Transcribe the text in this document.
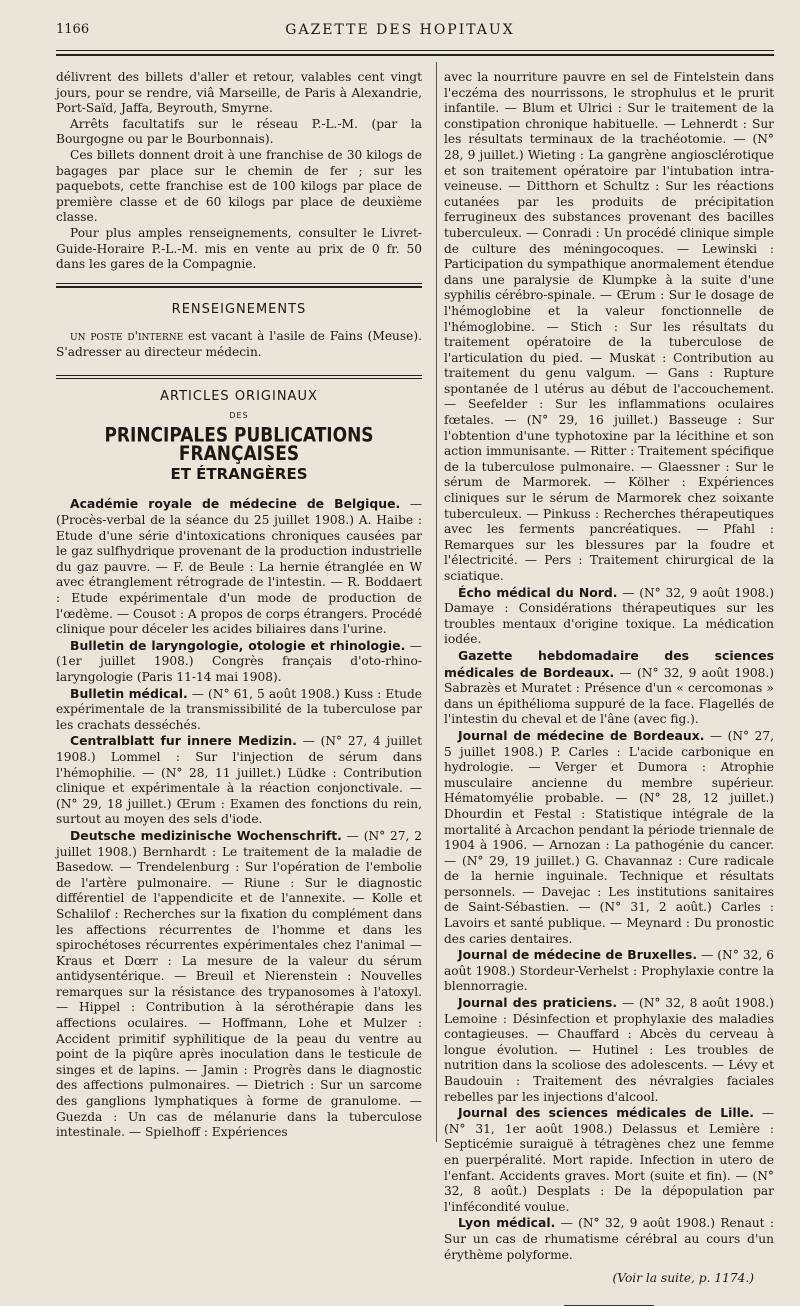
1166	GAZETTE DES HOPITAUX

délivrent des billets d'aller et retour, valables cent vingt jours, pour se rendre, viâ Marseille, de Paris à Alexandrie, Port-Saïd, Jaffa, Beyrouth, Smyrne.

Arrêts facultatifs sur le réseau P.-L.-M. (par la Bourgogne ou par le Bourbonnais).

Ces billets donnent droit à une franchise de 30 kilogs de bagages par place sur le chemin de fer ; sur les paquebots, cette franchise est de 100 kilogs par place de première classe et de 60 kilogs par place de deuxième classe.

Pour plus amples renseignements, consulter le Livret-Guide-Horaire P.-L.-M. mis en vente au prix de 0 fr. 50 dans les gares de la Compagnie.

RENSEIGNEMENTS

un poste d'interne est vacant à l'asile de Fains (Meuse). S'adresser au directeur médecin.

ARTICLES ORIGINAUX
DES
PRINCIPALES PUBLICATIONS FRANÇAISES
ET ÉTRANGÈRES

Académie royale de médecine de Belgique. — (Procès-verbal de la séance du 25 juillet 1908.) A. Haibe : Etude d'une série d'intoxications chroniques causées par le gaz sulfhydrique provenant de la production industrielle du gaz pauvre. — F. de Beule : La hernie étranglée en W avec étranglement rétrograde de l'intestin. — R. Boddaert : Etude expérimentale d'un mode de production de l'œdème. — Cousot : A propos de corps étrangers. Procédé clinique pour déceler les acides biliaires dans l'urine.

Bulletin de laryngologie, otologie et rhinologie. — (1er juillet 1908.) Congrès français d'oto-rhino-laryngologie (Paris 11-14 mai 1908).

Bulletin médical. — (N° 61, 5 août 1908.) Kuss : Etude expérimentale de la transmissibilité de la tuberculose par les crachats desséchés.

Centralblatt fur innere Medizin. — (N° 27, 4 juillet 1908.) Lommel : Sur l'injection de sérum dans l'hémophilie. — (N° 28, 11 juillet.) Lüdke : Contribution clinique et expérimentale à la réaction conjonctivale. — (N° 29, 18 juillet.) Œrum : Examen des fonctions du rein, surtout au moyen des sels d'iode.

Deutsche medizinische Wochenschrift. — (N° 27, 2 juillet 1908.) Bernhardt : Le traitement de la maladie de Basedow. — Trendelenburg : Sur l'opération de l'embolie de l'artère pulmonaire. — Riune : Sur le diagnostic différentiel de l'appendicite et de l'annexite. — Kolle et Schalilof : Recherches sur la fixation du complément dans les affections récurrentes de l'homme et dans les spirochétoses récurrentes expérimentales chez l'animal — Kraus et Dœrr : La mesure de la valeur du sérum antidysentérique. — Breuil et Nierenstein : Nouvelles remarques sur la résistance des trypanosomes à l'atoxyl. — Hippel : Contribution à la sérothérapie dans les affections oculaires. — Hoffmann, Lohe et Mulzer : Accident primitif syphilitique de la peau du ventre au point de la piqûre après inoculation dans le testicule de singes et de lapins. — Jamin : Progrès dans le diagnostic des affections pulmonaires. — Dietrich : Sur un sarcome des ganglions lymphatiques à forme de granulome. — Guezda : Un cas de mélanurie dans la tuberculose intestinale. — Spielhoff : Expériences

avec la nourriture pauvre en sel de Fintelstein dans l'eczéma des nourrissons, le strophulus et le prurit infantile. — Blum et Ulrici : Sur le traitement de la constipation chronique habituelle. — Lehnerdt : Sur les résultats terminaux de la trachéotomie. — (N° 28, 9 juillet.) Wieting : La gangrène angiosclérotique et son traitement opératoire par l'intubation intra-veineuse. — Ditthorn et Schultz : Sur les réactions cutanées par les produits de précipitation ferrugineux des substances provenant des bacilles tuberculeux. — Conradi : Un procédé clinique simple de culture des méningocoques. — Lewinski : Participation du sympathique anormalement étendue dans une paralysie de Klumpke à la suite d'une syphilis cérébro-spinale. — Œrum : Sur le dosage de l'hémoglobine et la valeur fonctionnelle de l'hémoglobine. — Stich : Sur les résultats du traitement opératoire de la tuberculose de l'articulation du pied. — Muskat : Contribution au traitement du genu valgum. — Gans : Rupture spontanée de l utérus au début de l'accouchement. — Seefelder : Sur les inflammations oculaires fœtales. — (N° 29, 16 juillet.) Basseuge : Sur l'obtention d'une typhotoxine par la lécithine et son action immunisante. — Ritter : Traitement spécifique de la tuberculose pulmonaire. — Glaessner : Sur le sérum de Marmorek. — Kölher : Expériences cliniques sur le sérum de Marmorek chez soixante tuberculeux. — Pinkuss : Recherches thérapeutiques avec les ferments pancréatiques. — Pfahl : Remarques sur les blessures par la foudre et l'électricité. — Pers : Traitement chirurgical de la sciatique.

Écho médical du Nord. — (N° 32, 9 août 1908.) Damaye : Considérations thérapeutiques sur les troubles mentaux d'origine toxique. La médication iodée.

Gazette hebdomadaire des sciences médicales de Bordeaux. — (N° 32, 9 août 1908.) Sabrazès et Muratet : Présence d'un « cercomonas » dans un épithélioma suppuré de la face. Flagellés de l'intestin du cheval et de l'âne (avec fig.).

Journal de médecine de Bordeaux. — (N° 27, 5 juillet 1908.) P. Carles : L'acide carbonique en hydrologie. — Verger et Dumora : Atrophie musculaire ancienne du membre supérieur. Hématomyélie probable. — (N° 28, 12 juillet.) Dhourdin et Festal : Statistique intégrale de la mortalité à Arcachon pendant la période triennale de 1904 à 1906. — Arnozan : La pathogénie du cancer. — (N° 29, 19 juillet.) G. Chavannaz : Cure radicale de la hernie inguinale. Technique et résultats personnels. — Davejac : Les institutions sanitaires de Saint-Sébastien. — (N° 31, 2 août.) Carles : Lavoirs et santé publique. — Meynard : Du pronostic des caries dentaires.

Journal de médecine de Bruxelles. — (N° 32, 6 août 1908.) Stordeur-Verhelst : Prophylaxie contre la blennorragie.

Journal des praticiens. — (N° 32, 8 août 1908.) Lemoine : Désinfection et prophylaxie des maladies contagieuses. — Chauffard : Abcès du cerveau à longue évolution. — Hutinel : Les troubles de nutrition dans la scoliose des adolescents. — Lévy et Baudouin : Traitement des névralgies faciales rebelles par les injections d'alcool.

Journal des sciences médicales de Lille. — (N° 31, 1er août 1908.) Delassus et Lemière : Septicémie suraiguë à tétragènes chez une femme en puerpéralité. Mort rapide. Infection in utero de l'enfant. Accidents graves. Mort (suite et fin). — (N° 32, 8 août.) Desplats : De la dépopulation par l'infécondité voulue.

Lyon médical. — (N° 32, 9 août 1908.) Renaut : Sur un cas de rhumatisme cérébral au cours d'un érythème polyforme.

(Voir la suite, p. 1174.)
